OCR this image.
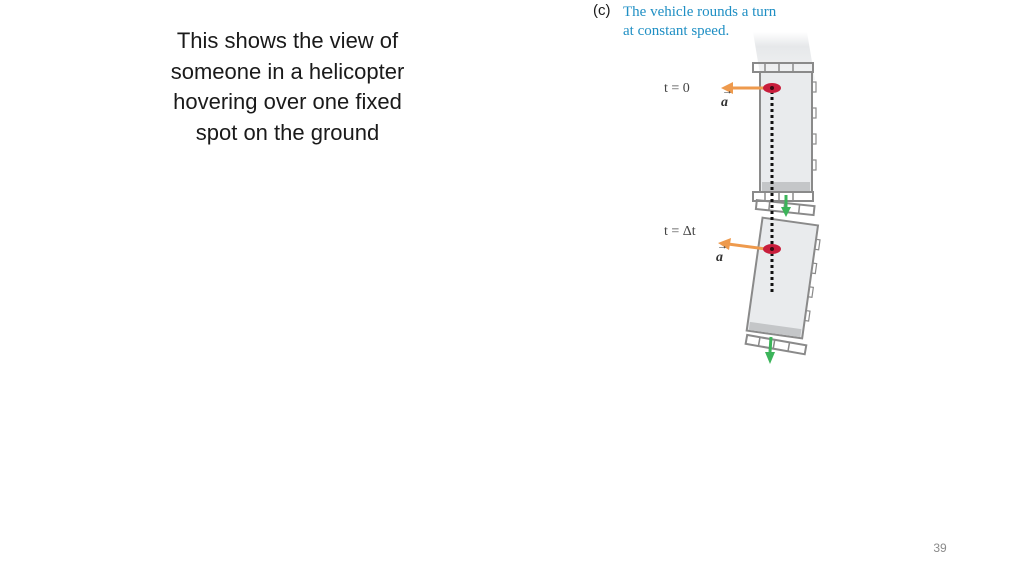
This shows the view of
someone in a helicopter
hovering over one fixed
spot on the ground
(c) The vehicle rounds a turn
at constant speed.
t = 0
t = Δt
→
a
→
a
39
